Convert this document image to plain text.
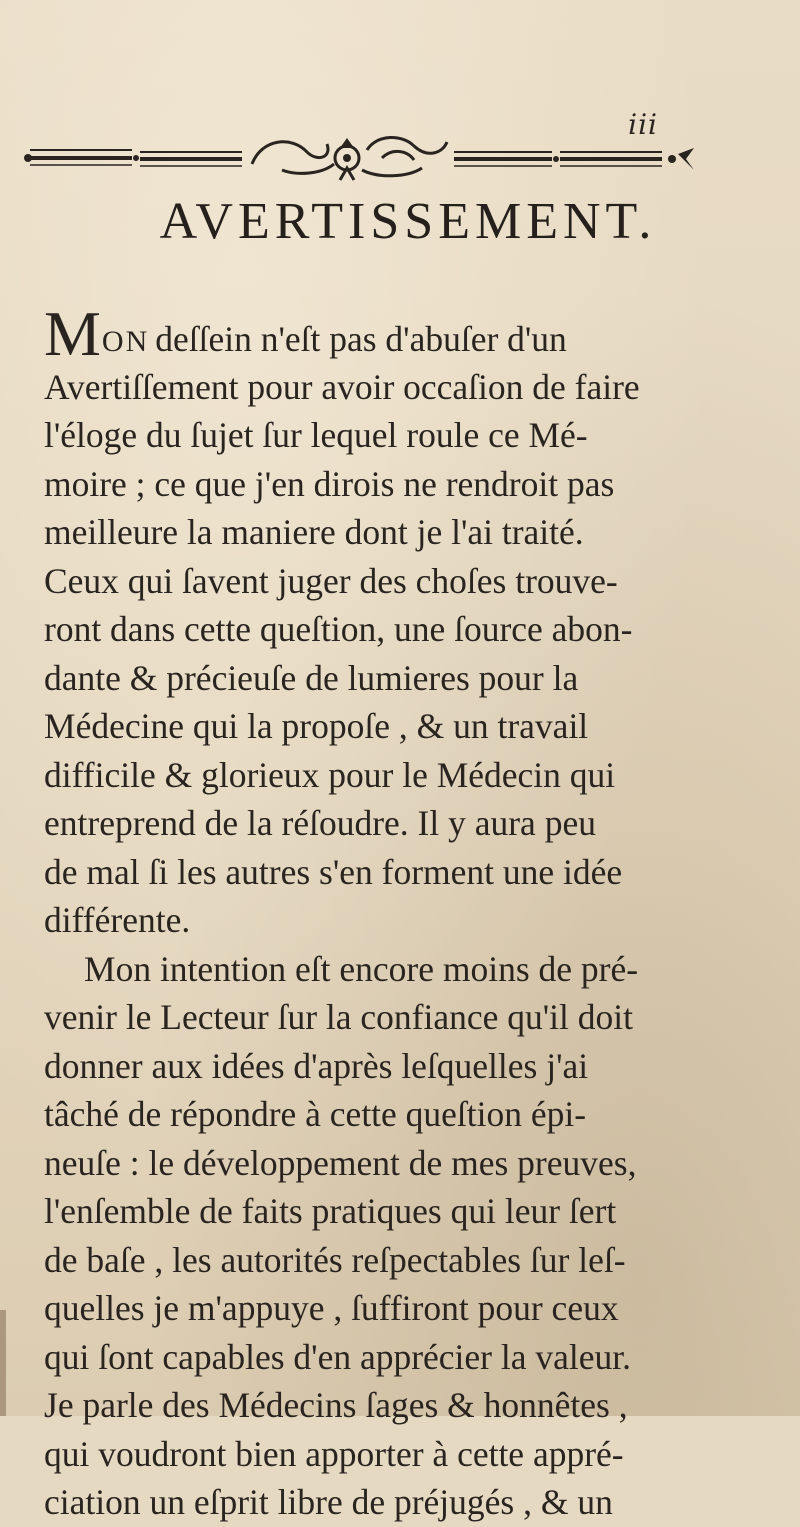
iii
AVERTISSEMENT.
MON deſſein n'eſt pas d'abuſer d'un
Avertiſſement pour avoir occaſion de faire
l'éloge du ſujet ſur lequel roule ce Mé-
moire ; ce que j'en dirois ne rendroit pas
meilleure la maniere dont je l'ai traité.
Ceux qui ſavent juger des choſes trouve-
ront dans cette queſtion, une ſource abon-
dante & précieuſe de lumieres pour la
Médecine qui la propoſe , & un travail
difficile & glorieux pour le Médecin qui
entreprend de la réſoudre. Il y aura peu
de mal ſi les autres s'en forment une idée
différente.
Mon intention eſt encore moins de pré-
venir le Lecteur ſur la confiance qu'il doit
donner aux idées d'après leſquelles j'ai
tâché de répondre à cette queſtion épi-
neuſe : le développement de mes preuves,
l'enſemble de faits pratiques qui leur ſert
de baſe , les autorités reſpectables ſur leſ-
quelles je m'appuye , ſuffiront pour ceux
qui ſont capables d'en apprécier la valeur.
Je parle des Médecins ſages & honnêtes ,
qui voudront bien apporter à cette appré-
ciation un eſprit libre de préjugés , & un
